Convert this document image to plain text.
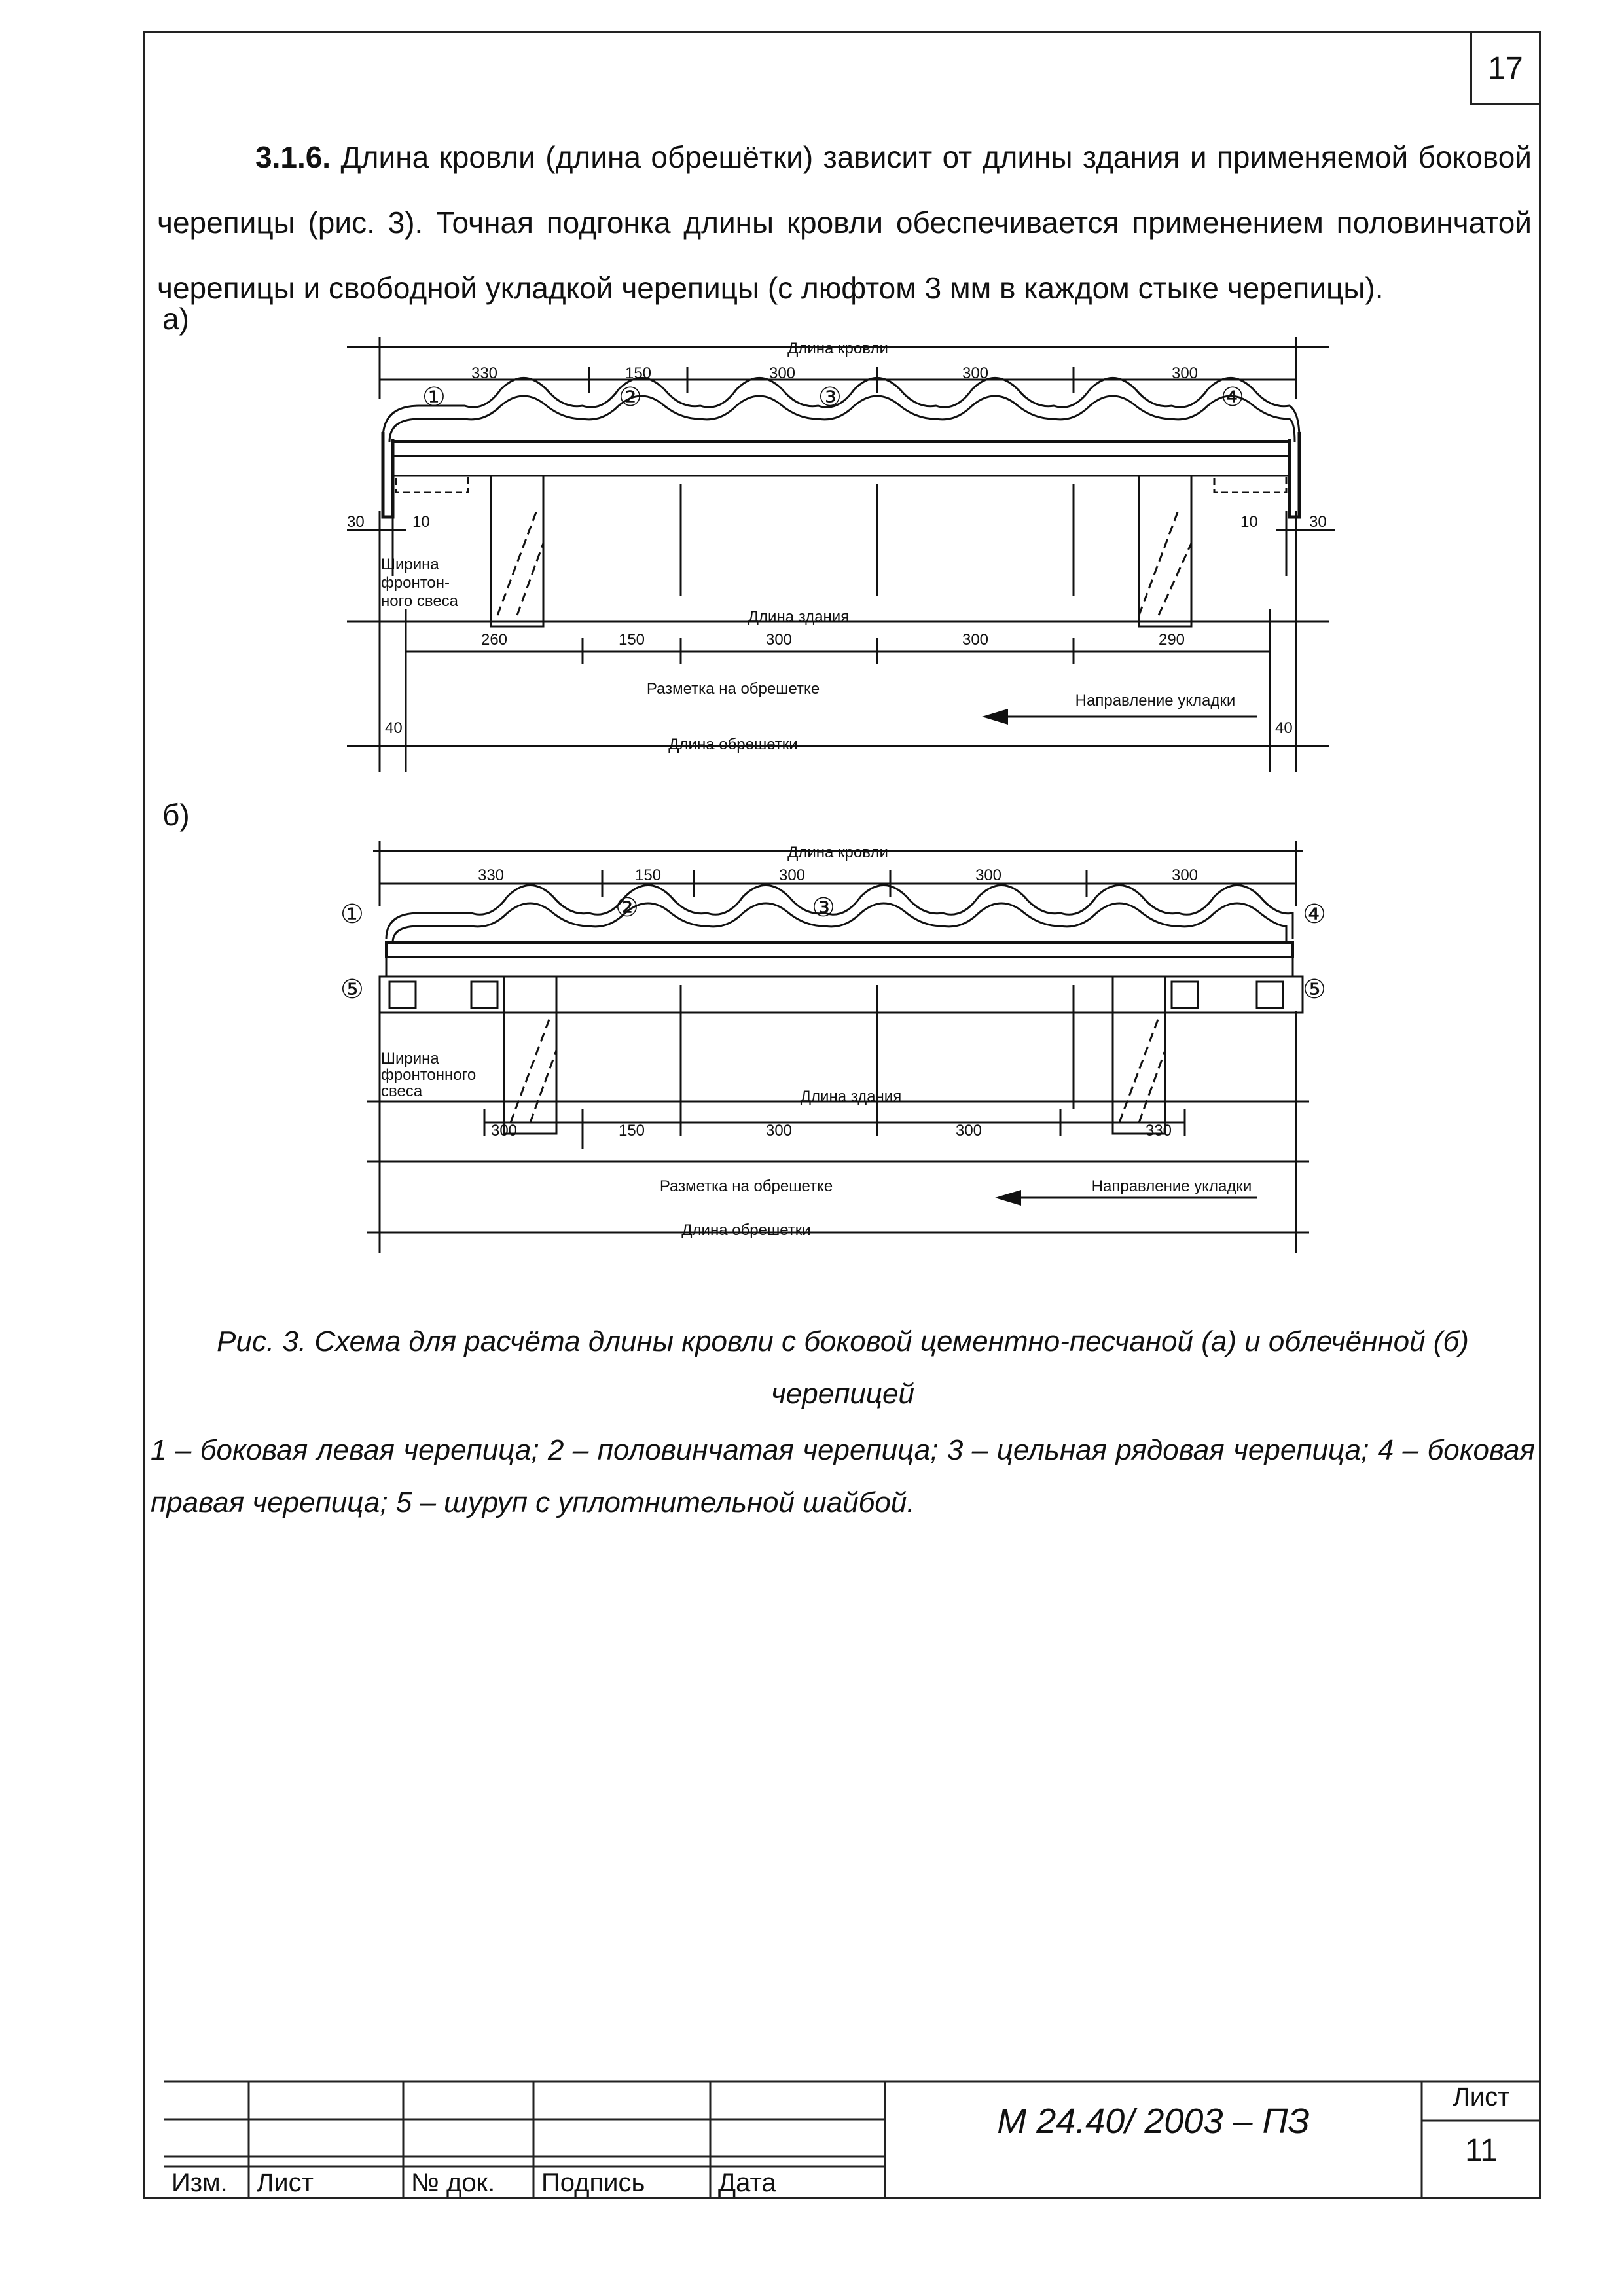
17

3.1.6. Длина кровли (длина обрешётки) зависит от длины здания и применяемой боковой черепицы (рис. 3). Точная подгонка длины кровли обеспечивается применением половинчатой черепицы и свободной укладкой черепицы (с люфтом 3 мм в каждом стыке черепицы).

а)
б)
Длина кровли
330	150	300	300	300
30	10	10	30
Ширина
фронтон-
ного свеса
Длина здания
260	150	300	300	290
Разметка на обрешетке
Направление укладки
40	40
Длина обрешетки
①	②	③	④
Длина кровли
330	150	300	300	300
Ширина
фронтонного
свеса	Длина здания
300	150	300	300	330
Разметка на обрешетке	Направление укладки
Длина обрешетки
①	②	③	④
⑤	⑤
Рис. 3. Схема для расчёта длины кровли с боковой цементно-песчаной (а) и облечённой (б) черепицей
1 – боковая левая черепица; 2 – половинчатая черепица; 3 – цельная рядовая черепица; 4 – боковая правая черепица; 5 – шуруп с уплотнительной шайбой.
Изм. Лист	№ док. Подпись	Дата
М 24.40/ 2003 – ПЗ
Лист
11
